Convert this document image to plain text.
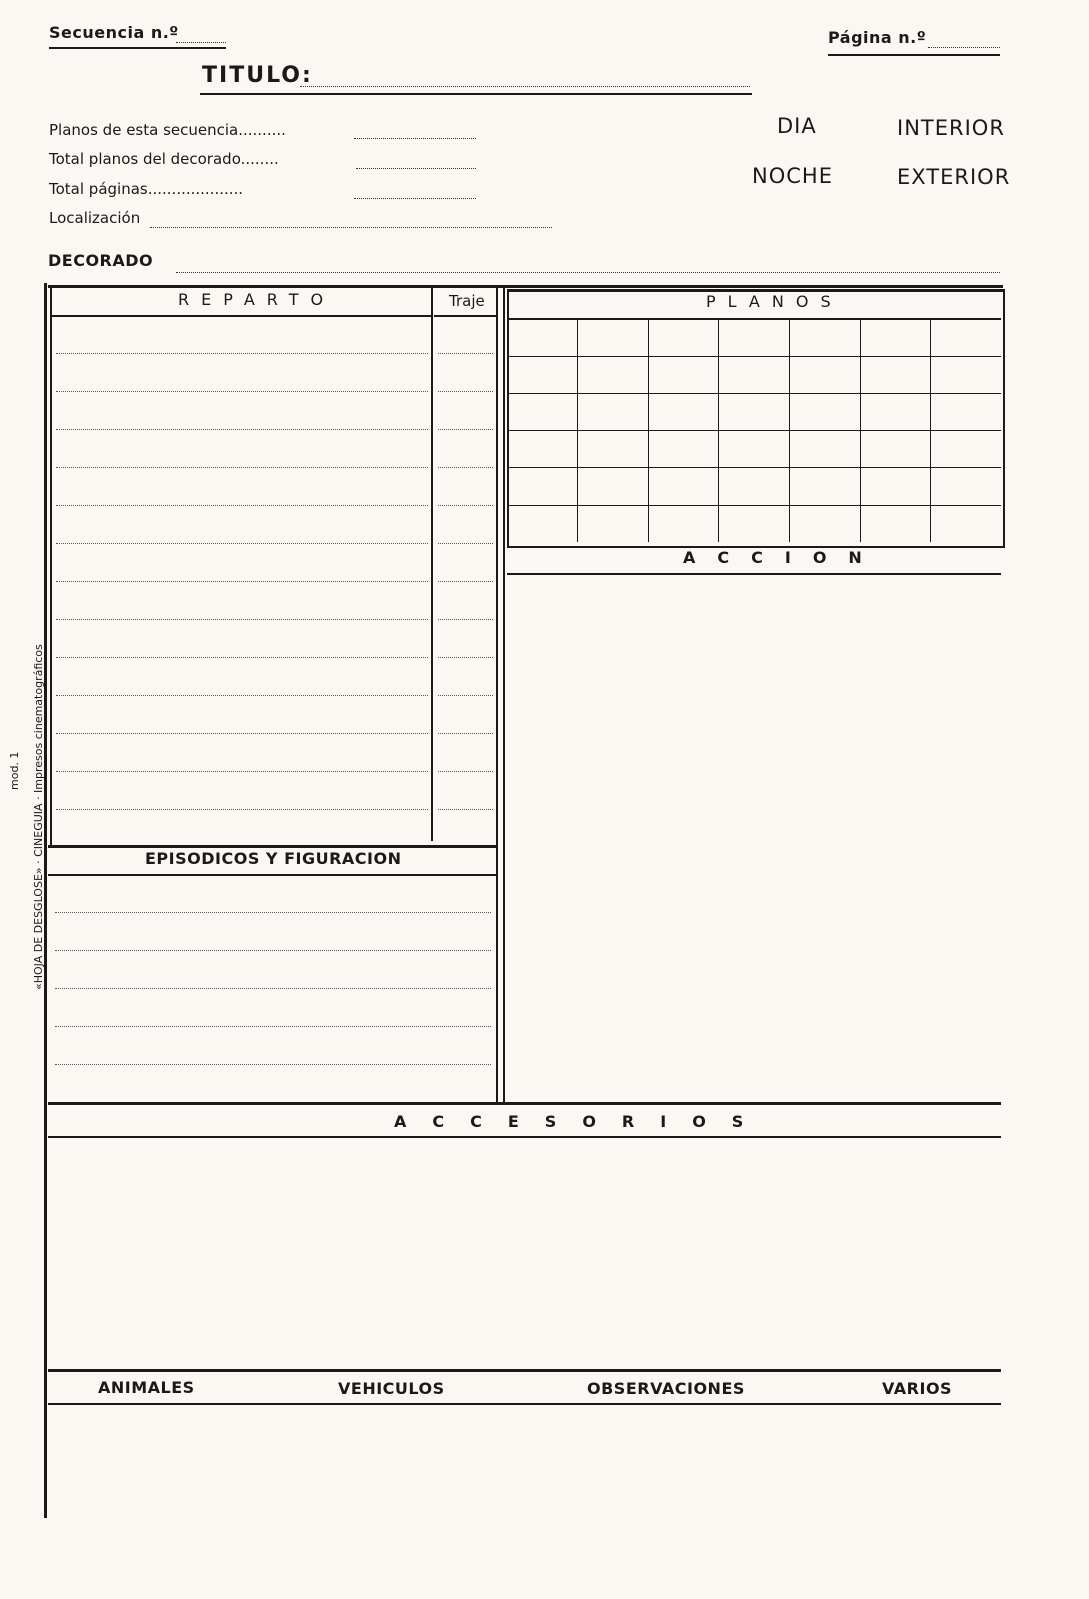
Secuencia n.º	Página n.º
TITULO:
Planos de esta secuencia..........
Total planos del decorado........
Total páginas....................
Localización
DIA	INTERIOR
NOCHE	EXTERIOR
DECORADO
REPARTO	Traje	PLANOS
ACCION
EPISODICOS Y FIGURACION
ACCESORIOS
ANIMALES	VEHICULOS	OBSERVACIONES	VARIOS
«HOJA DE DESGLOSE» · CINEGUIA · Impresos cinematográficos
mod. 1
